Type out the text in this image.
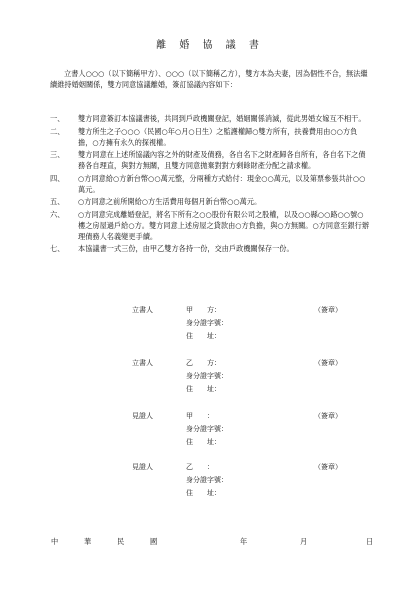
離 婚 協 議 書
立書人○○○（以下簡稱甲方）、○○○（以下簡稱乙方），雙方本為夫妻，因為個性不合，無法繼續維持婚姻關係，雙方同意協議離婚，簽訂協議內容如下：
一、	雙方同意簽訂本協議書後，共同到戶政機關登記，婚姻關係消滅，從此男婚女嫁互不相干。
二、	雙方所生之子○○○（民國○年○月○日生）之監護權歸○雙方所有，扶養費用由○○方負擔，○方擁有永久的探視權。
三、	雙方同意在上述所協議內容之外的財產及債務，各自名下之財產歸各自所有，各自名下之債務各自理直，與對方無關，且雙方同意拋棄對對方剩餘財產分配之請求權。
四、	○方同意給○方新台幣○○萬元整，分兩種方式給付：現金○○萬元，以及第票參張共計○○萬元。
五、	○方同意之前所開給○方生活費用每個月新台幣○○萬元。
六、	○方同意完成離婚登記，將名下所有之○○股份有限公司之股權，以及○○縣○○路○○號○樓之房屋過戶給○方。雙方同意上述房屋之貸款由○方負擔，與○方無關。○方同意至銀行辦理債務人名義變更手續。
七、	本協議書一式三份，由甲乙雙方各持一份，交由戶政機關保存一份。
立書人	甲　　方：	（簽章）
身分證字號：
住　　址：
立書人	乙　　方：	（簽章）
身分證字號：
住　　址：
見證人	甲　　：	（簽章）
身分證字號：
住　　址：
見證人	乙　　：	（簽章）
身分證字號：
住　　址：
中	華	民	國	年	月	日
